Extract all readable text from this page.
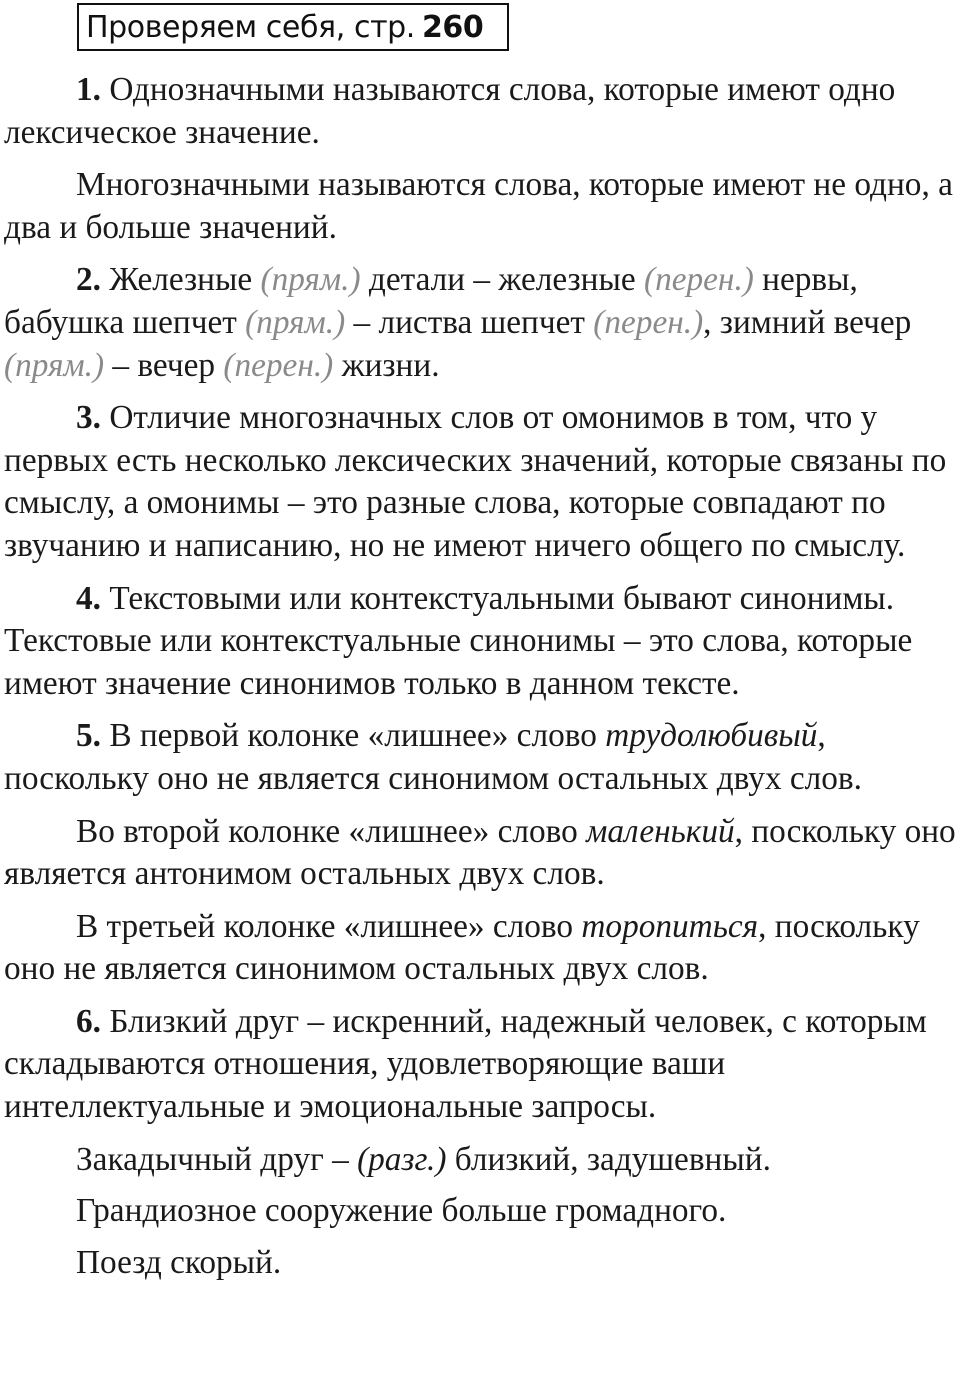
Проверяем себя, стр. 260

1. Однозначными называются слова, которые имеют одно лексическое значение.

Многозначными называются слова, которые имеют не одно, а два и больше значений.

2. Железные (прям.) детали – железные (перен.) нервы, бабушка шепчет (прям.) – листва шепчет (перен.), зимний вечер (прям.) – вечер (перен.) жизни.

3. Отличие многозначных слов от омонимов в том, что у первых есть несколько лексических значений, которые связаны по смыслу, а омонимы – это разные слова, которые совпадают по звучанию и написанию, но не имеют ничего общего по смыслу.

4. Текстовыми или контекстуальными бывают синонимы. Текстовые или контекстуальные синонимы – это слова, которые имеют значение синонимов только в данном тексте.

5. В первой колонке «лишнее» слово трудолюбивый, поскольку оно не является синонимом остальных двух слов.

Во второй колонке «лишнее» слово маленький, поскольку оно является антонимом остальных двух слов.

В третьей колонке «лишнее» слово торопиться, поскольку оно не является синонимом остальных двух слов.

6. Близкий друг – искренний, надежный человек, с которым складываются отношения, удовлетворяющие ваши интеллектуальные и эмоциональные запросы.

Закадычный друг – (разг.) близкий, задушевный.

Грандиозное сооружение больше громадного.

Поезд скорый.
